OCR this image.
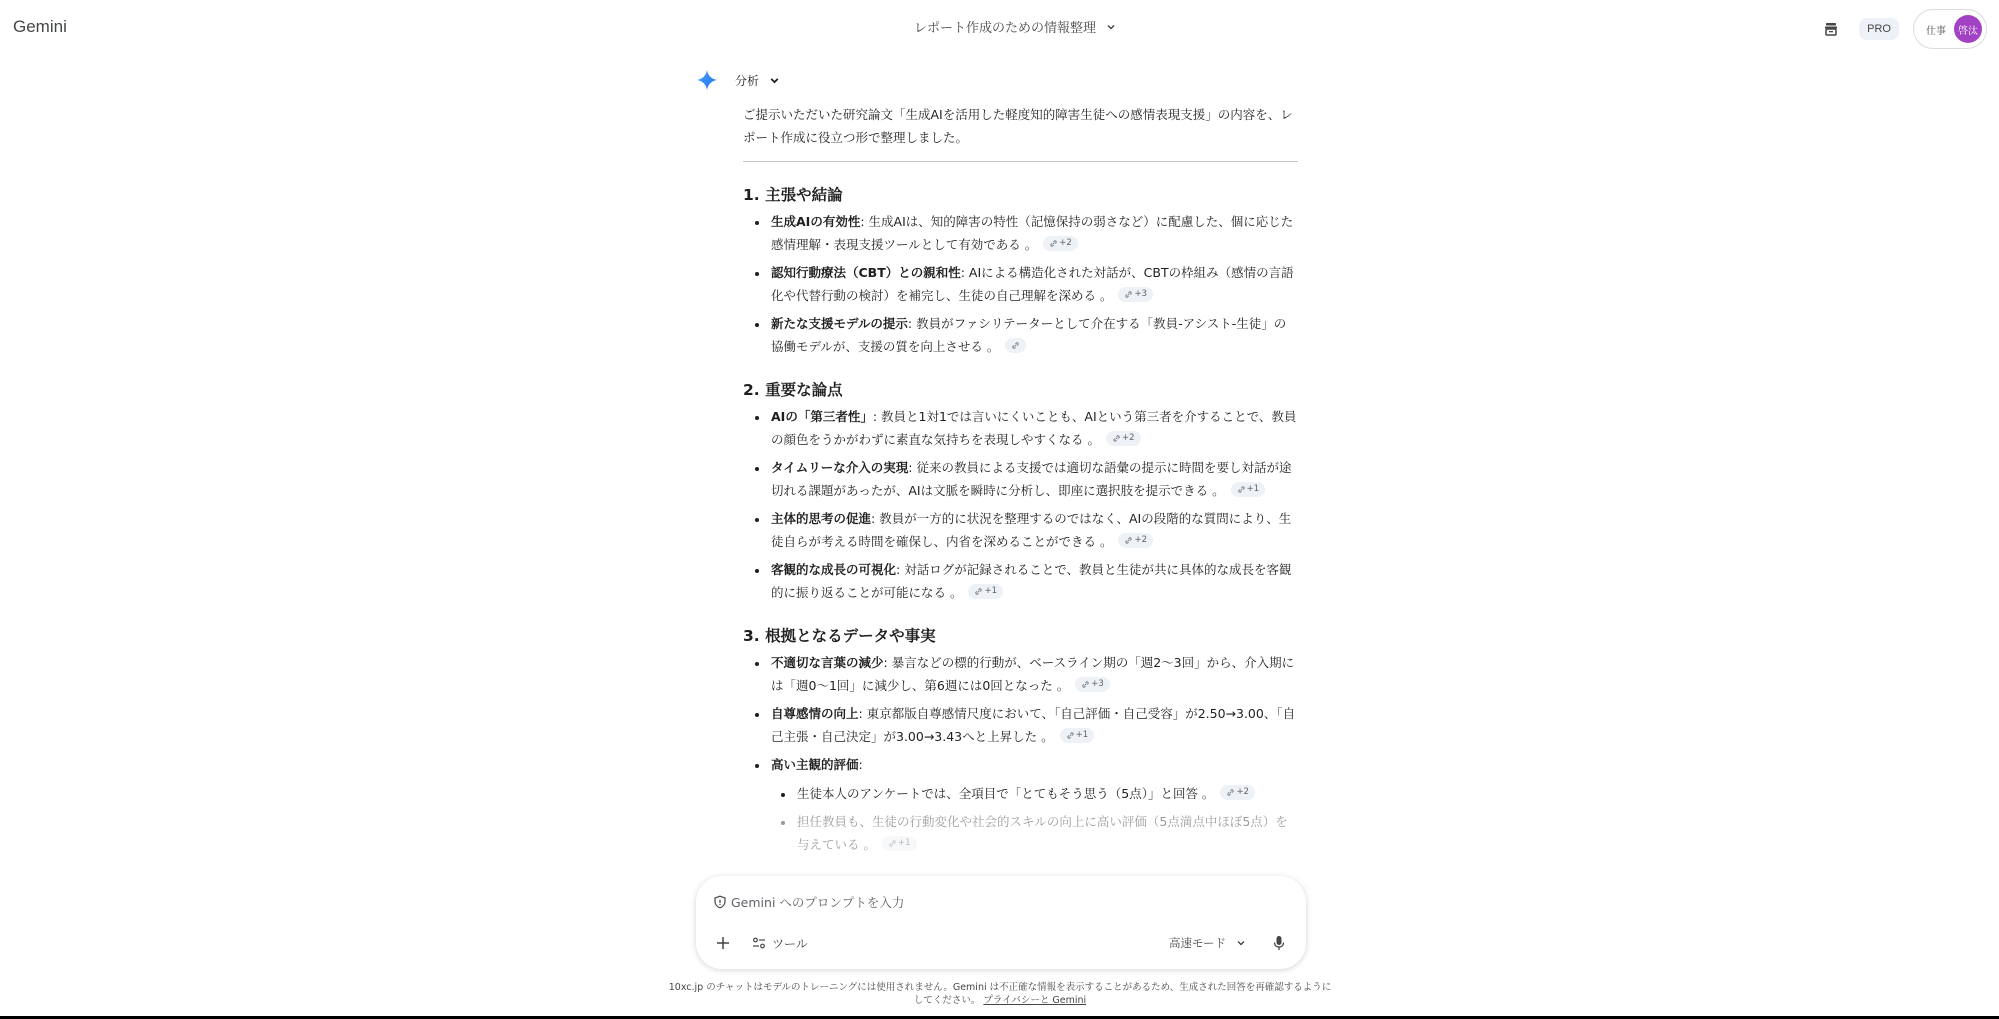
Gemini	レポート作成のための情報整理	PRO	仕事	啓汰
分析

ご提示いただいた研究論文「生成AIを活用した軽度知的障害生徒への感情表現支援」の内容を、レポート作成に役立つ形で整理しました。

1. 主張や結論
生成AIの有効性: 生成AIは、知的障害の特性（記憶保持の弱さなど）に配慮した、個に応じた感情理解・表現支援ツールとして有効である 。	+2
認知行動療法（CBT）との親和性: AIによる構造化された対話が、CBTの枠組み（感情の言語化や代替行動の検討）を補完し、生徒の自己理解を深める 。	+3
新たな支援モデルの提示: 教員がファシリテーターとして介在する「教員-アシスト-生徒」の協働モデルが、支援の質を向上させる 。
2. 重要な論点
AIの「第三者性」: 教員と1対1では言いにくいことも、AIという第三者を介することで、教員の顔色をうかがわずに素直な気持ちを表現しやすくなる 。	+2
タイムリーな介入の実現: 従来の教員による支援では適切な語彙の提示に時間を要し対話が途切れる課題があったが、AIは文脈を瞬時に分析し、即座に選択肢を提示できる 。	+1
主体的思考の促進: 教員が一方的に状況を整理するのではなく、AIの段階的な質問により、生徒自らが考える時間を確保し、内省を深めることができる 。	+2
客観的な成長の可視化: 対話ログが記録されることで、教員と生徒が共に具体的な成長を客観的に振り返ることが可能になる 。	+1
3. 根拠となるデータや事実
不適切な言葉の減少: 暴言などの標的行動が、ベースライン期の「週2〜3回」から、介入期には「週0〜1回」に減少し、第6週には0回となった 。	+3
自尊感情の向上: 東京都版自尊感情尺度において、「自己評価・自己受容」が2.50→3.00、「自己主張・自己決定」が3.00→3.43へと上昇した 。	+1
高い主観的評価:
生徒本人のアンケートでは、全項目で「とてもそう思う（5点）」と回答 。	+2
担任教員も、生徒の行動変化や社会的スキルの向上に高い評価（5点満点中ほぼ5点）を与えている 。	+1
Gemini へのプロンプトを入力
ツール	高速モード
10xc.jp のチャットはモデルのトレーニングには使用されません。Gemini は不正確な情報を表示することがあるため、生成された回答を再確認するようにしてください。 プライバシーと Gemini
